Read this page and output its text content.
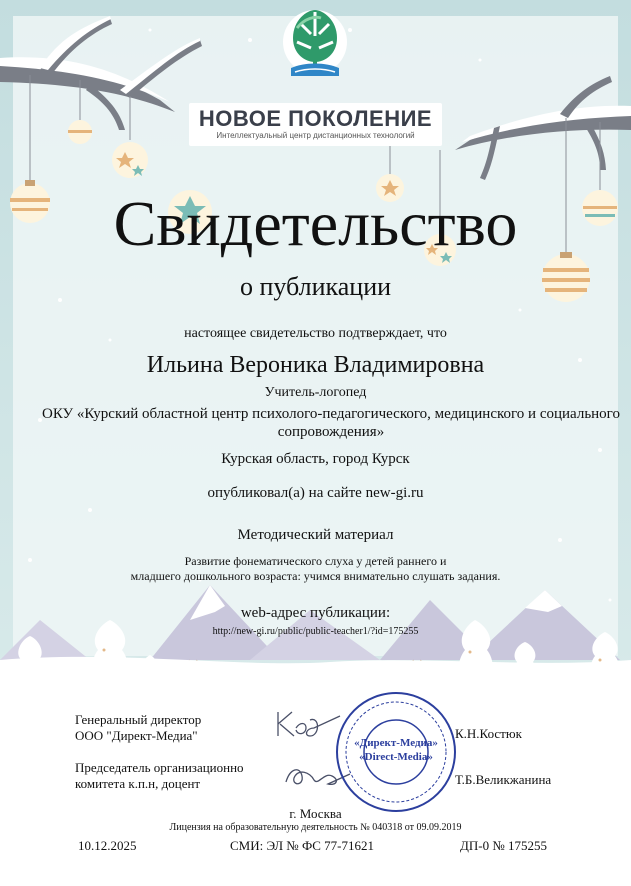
НОВОЕ ПОКОЛЕНИЕ
Интеллектуальный центр дистанционных технологий
Свидетельство
о публикации
настоящее свидетельство подтверждает, что
Ильина Вероника Владимировна
Учитель-логопед
ОКУ «Курский областной центр психолого-педагогического, медицинского и социального
сопровождения»
Курская область, город Курск
опубликовал(а) на сайте new-gi.ru
Методический материал
Развитие фонематического слуха у детей раннего и
младшего дошкольного возраста: учимся внимательно слушать задания.
web-адрес публикации:
http://new-gi.ru/public/public-teacher1/?id=175255
Генеральный директор
ООО "Директ-Медиа"	К.Н.Костюк
Председатель организационно
комитета к.п.н, доцент	Т.Б.Великжанина
«Директ-Медиа»
«Direct-Media»
г. Москва
Лицензия на образовательную деятельность № 040318 от 09.09.2019
10.12.2025	СМИ: ЭЛ № ФС 77-71621	ДП-0 № 175255
